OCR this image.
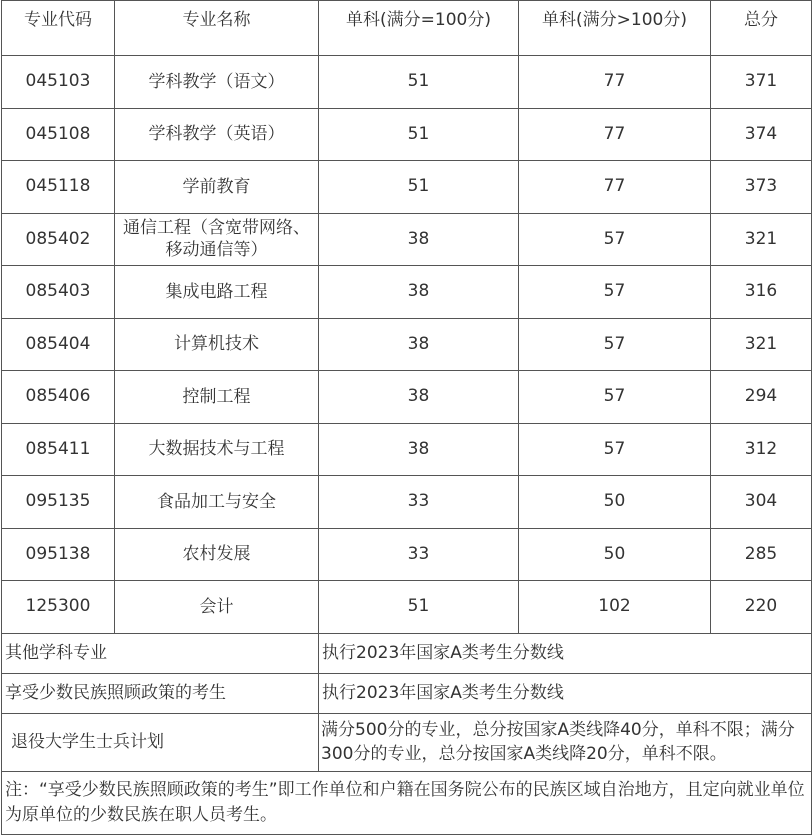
专业代码	专业名称	单科(满分=100分)	单科(满分>100分)	总分
045103	学科教学（语文）	51	77	371
045108	学科教学（英语）	51	77	374
045118	学前教育	51	77	373
085402	通信工程（含宽带网络、移动通信等）	38	57	321
085403	集成电路工程	38	57	316
085404	计算机技术	38	57	321
085406	控制工程	38	57	294
085411	大数据技术与工程	38	57	312
095135	食品加工与安全	33	50	304
095138	农村发展	33	50	285
125300	会计	51	102	220
其他学科专业		执行2023年国家A类考生分数线		
享受少数民族照顾政策的考生		执行2023年国家A类考生分数线		
退役大学生士兵计划		满分500分的专业，总分按国家A类线降40分，单科不限；满分300分的专业，总分按国家A类线降20分，单科不限。		
注：“享受少数民族照顾政策的考生”即工作单位和户籍在国务院公布的民族区域自治地方，且定向就业单位为原单位的少数民族在职人员考生。				
